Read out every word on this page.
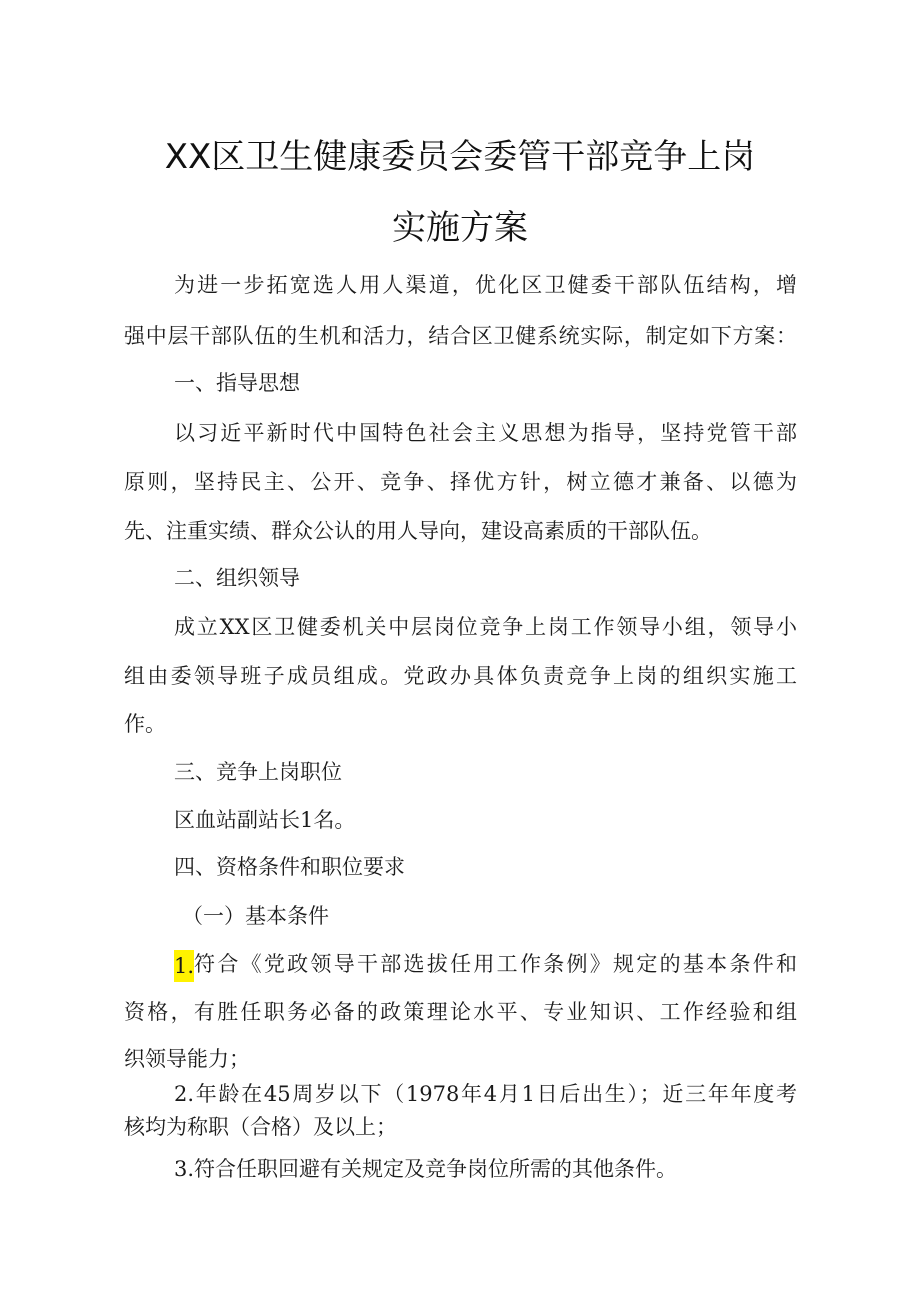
XX区卫生健康委员会委管干部竞争上岗
实施方案
为进一步拓宽选人用人渠道，优化区卫健委干部队伍结构，增
强中层干部队伍的生机和活力，结合区卫健系统实际，制定如下方案：
一、指导思想
以习近平新时代中国特色社会主义思想为指导，坚持党管干部
原则，坚持民主、公开、竞争、择优方针，树立德才兼备、以德为
先、注重实绩、群众公认的用人导向，建设高素质的干部队伍。
二、组织领导
成立XX区卫健委机关中层岗位竞争上岗工作领导小组，领导小
组由委领导班子成员组成。党政办具体负责竞争上岗的组织实施工
作。
三、竞争上岗职位
区血站副站长1名。
四、资格条件和职位要求
（一）基本条件
1. 符合《党政领导干部选拔任用工作条例》规定的基本条件和
资格，有胜任职务必备的政策理论水平、专业知识、工作经验和组
织领导能力；
2.年龄在45周岁以下（1978年4月1日后出生）；近三年年度考
核均为称职（合格）及以上；
3.符合任职回避有关规定及竞争岗位所需的其他条件。
